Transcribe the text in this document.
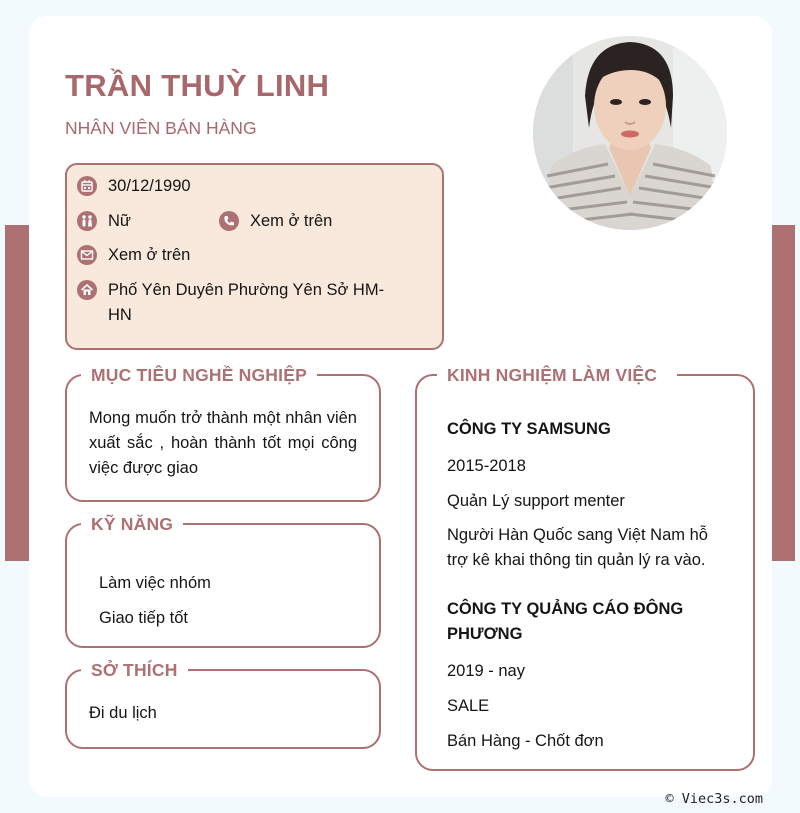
TRẦN THUỲ LINH
NHÂN VIÊN BÁN HÀNG
30/12/1990
Nữ	Xem ở trên
Xem ở trên
Phố Yên Duyên Phường Yên Sở HM-HN
MỤC TIÊU NGHỀ NGHIỆP
Mong muốn trở thành một nhân viên xuất sắc , hoàn thành tốt mọi công việc được giao
KỸ NĂNG
Làm việc nhóm
Giao tiếp tốt
SỞ THÍCH
Đi du lịch
KINH NGHIỆM LÀM VIỆC
CÔNG TY SAMSUNG
2015-2018
Quản Lý support menter
Người Hàn Quốc sang Việt Nam hỗ trợ kê khai thông tin quản lý ra vào.
CÔNG TY QUẢNG CÁO ĐÔNG PHƯƠNG
2019 - nay
SALE
Bán Hàng - Chốt đơn
© Viec3s.com
